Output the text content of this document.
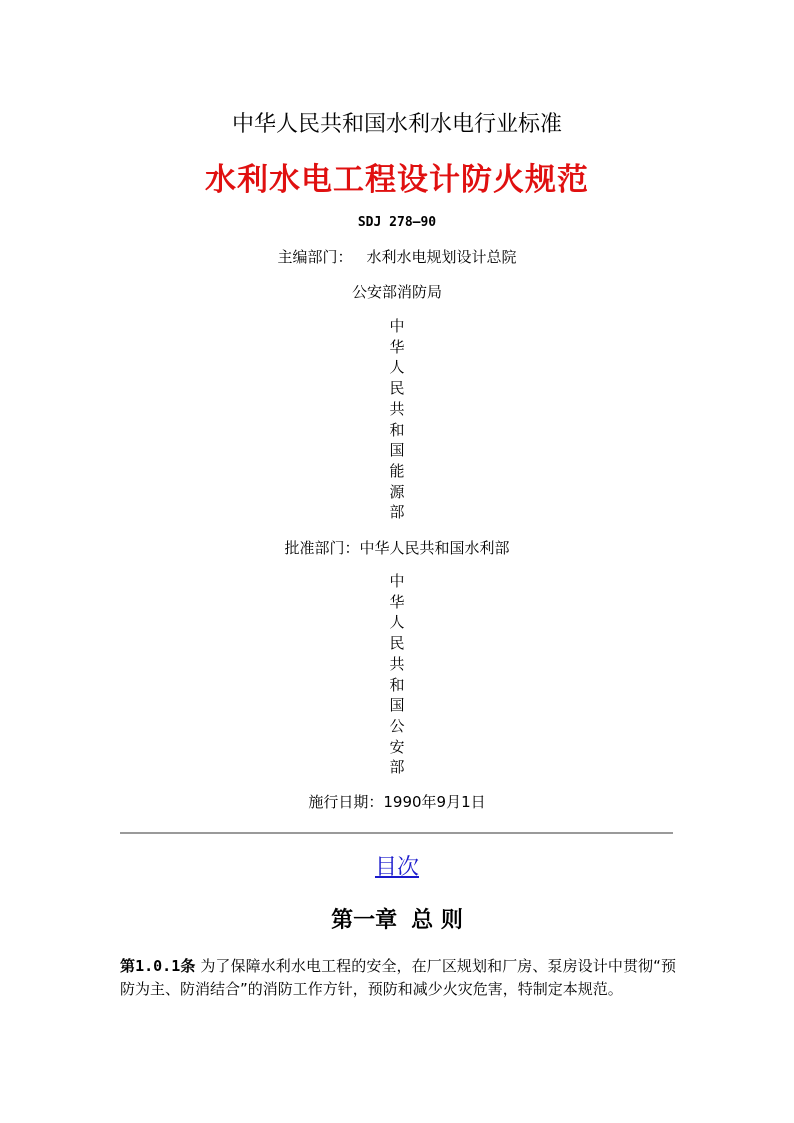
中华人民共和国水利水电行业标准
水利水电工程设计防火规范
SDJ 278—90
主编部门： 水利水电规划设计总院
公安部消防局
中
华
人
民
共
和
国
能
源
部
批准部门：中华人民共和国水利部
中
华
人
民
共
和
国
公
安
部
施行日期：1990年9月1日
目次
第一章 总 则
第1.0.1条 为了保障水利水电工程的安全，在厂区规划和厂房、泵房设计中贯彻“预防为主、防消结合”的消防工作方针，预防和减少火灾危害，特制定本规范。
